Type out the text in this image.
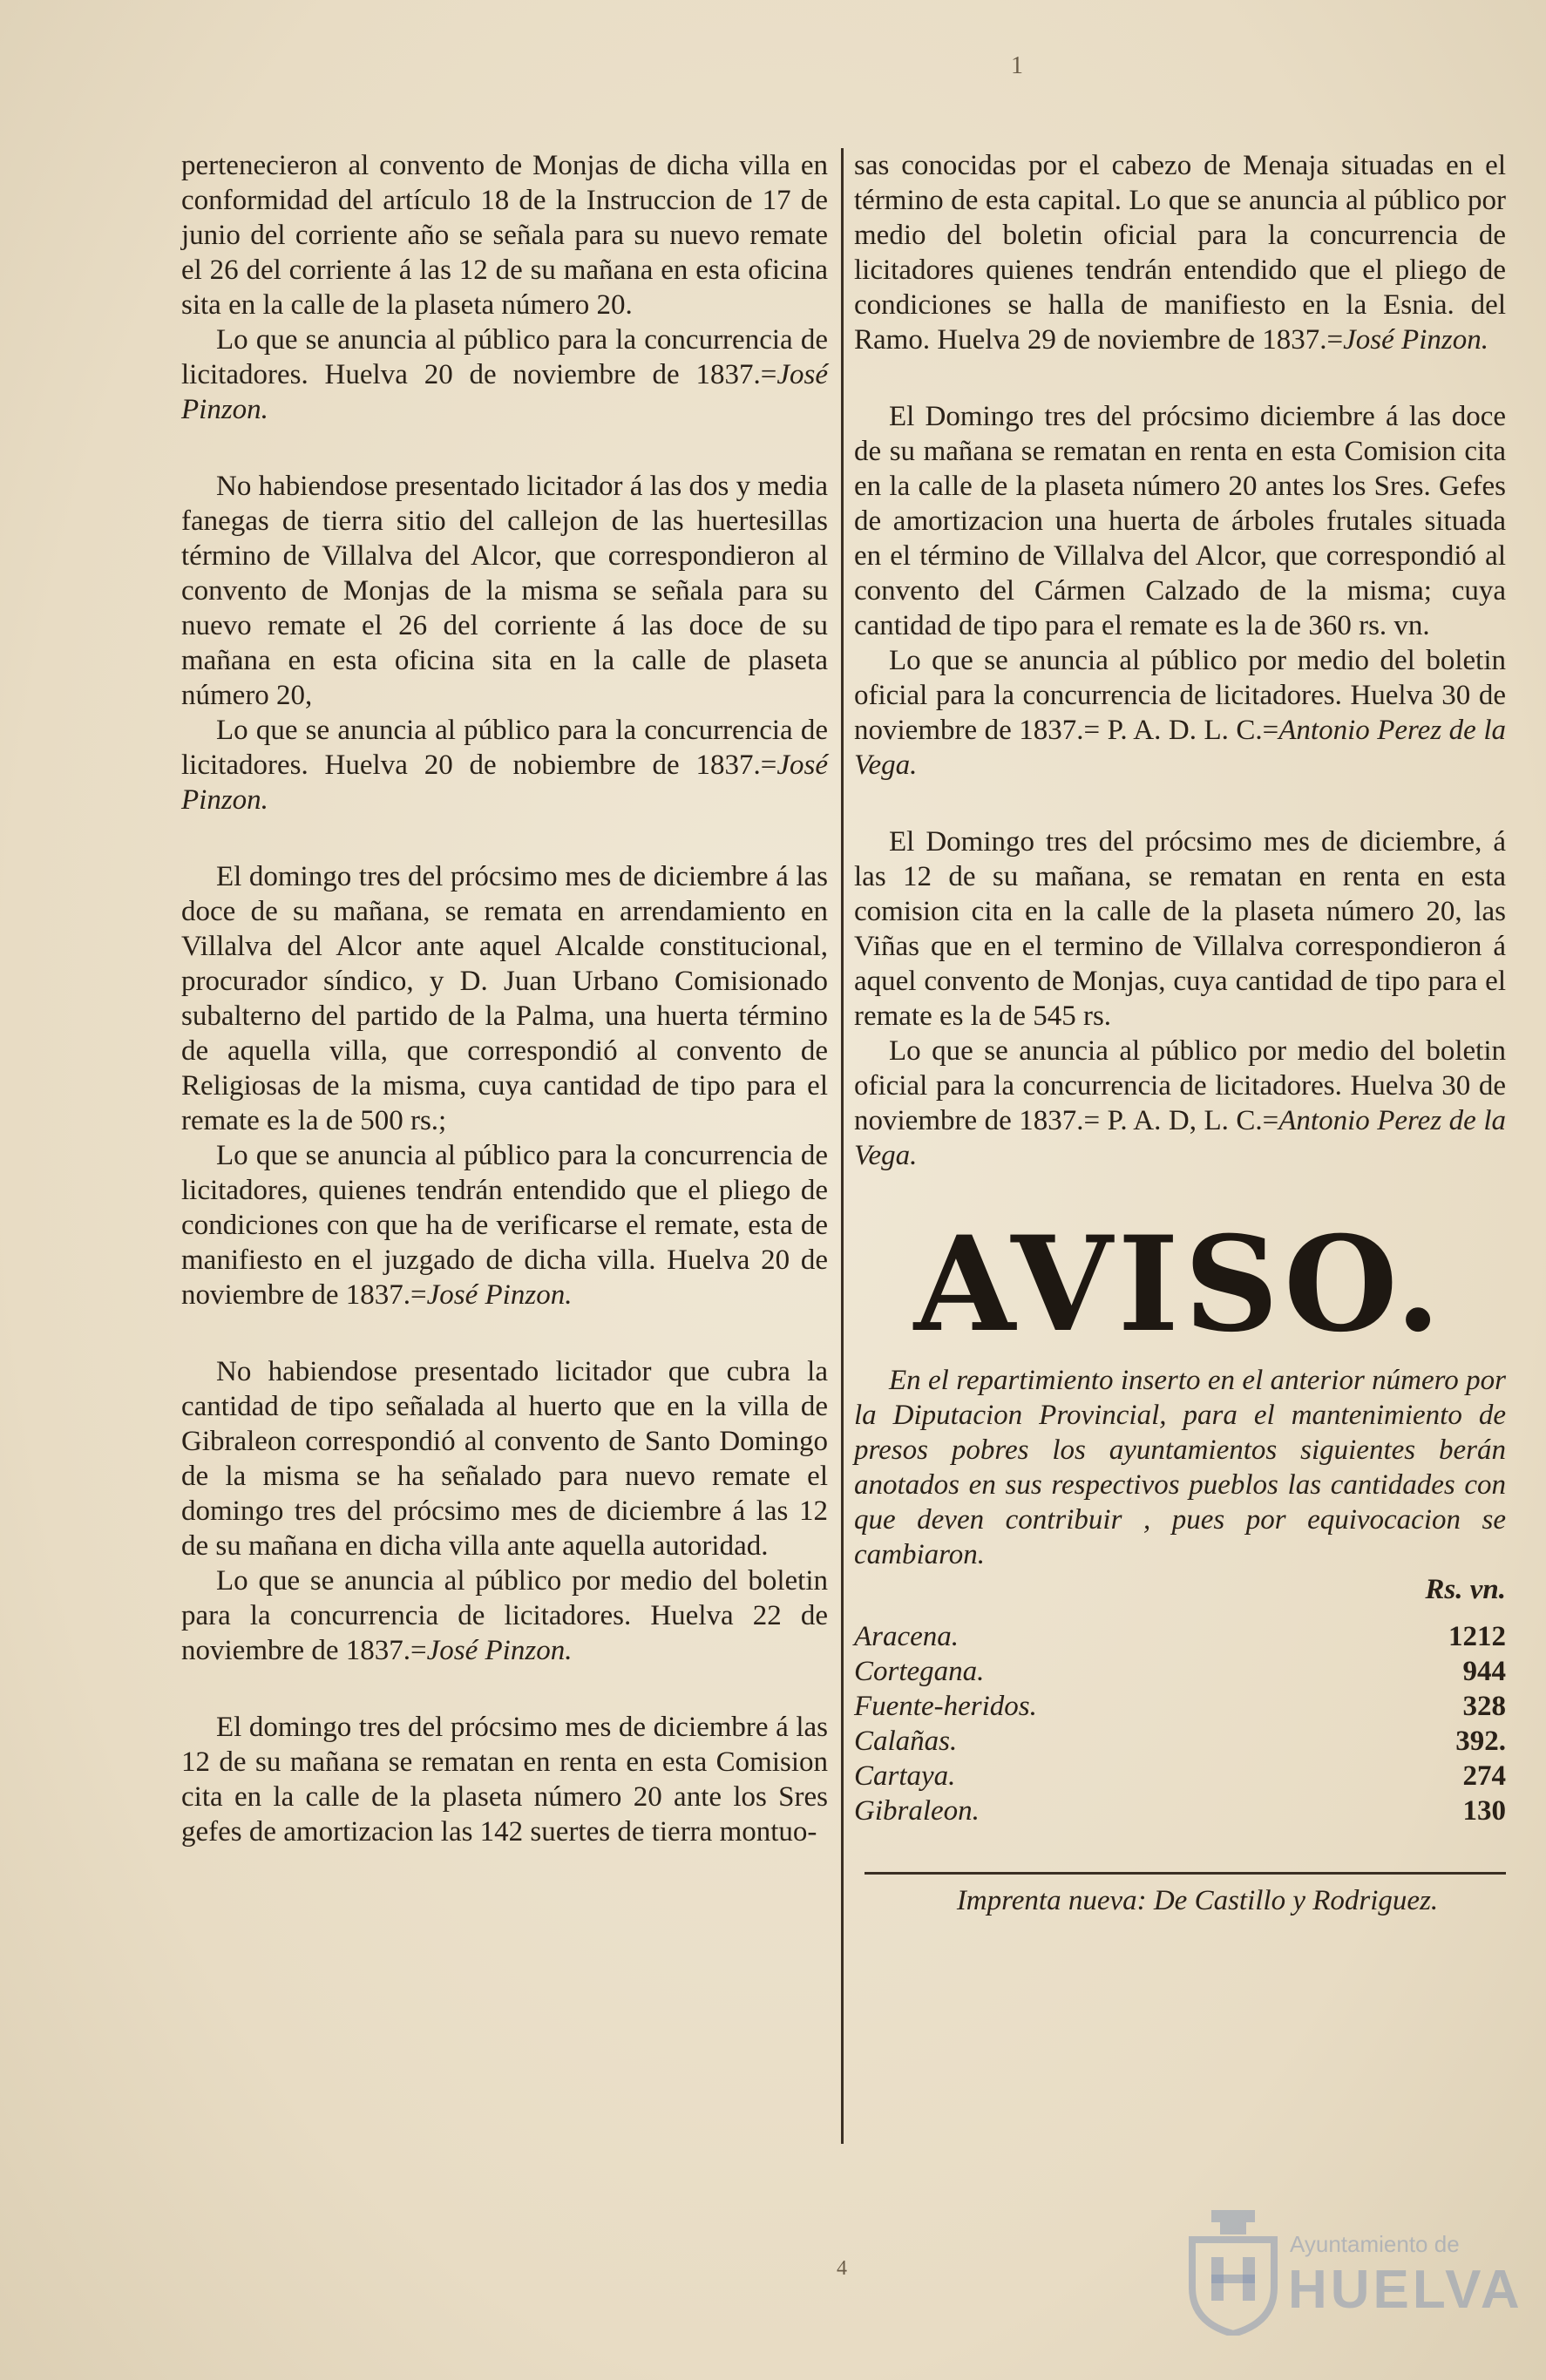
1

pertenecieron al convento de Monjas de dicha villa en conformidad del artículo 18 de la Instruccion de 17 de junio del corriente año se señala para su nuevo remate el 26 del corriente á las 12 de su mañana en esta oficina sita en la calle de la plaseta número 20.

Lo que se anuncia al público para la concurrencia de licitadores. Huelva 20 de noviembre de 1837.=José Pinzon.

No habiendose presentado licitador á las dos y media fanegas de tierra sitio del callejon de las huertesillas término de Villalva del Alcor, que correspondieron al convento de Monjas de la misma se señala para su nuevo remate el 26 del corriente á las doce de su mañana en esta oficina sita en la calle de plaseta número 20,

Lo que se anuncia al público para la concurrencia de licitadores. Huelva 20 de nobiembre de 1837.=José Pinzon.

El domingo tres del prócsimo mes de diciembre á las doce de su mañana, se remata en arrendamiento en Villalva del Alcor ante aquel Alcalde constitucional, procurador síndico, y D. Juan Urbano Comisionado subalterno del partido de la Palma, una huerta término de aquella villa, que correspondió al convento de Religiosas de la misma, cuya cantidad de tipo para el remate es la de 500 rs.;

Lo que se anuncia al público para la concurrencia de licitadores, quienes tendrán entendido que el pliego de condiciones con que ha de verificarse el remate, esta de manifiesto en el juzgado de dicha villa. Huelva 20 de noviembre de 1837.=José Pinzon.

No habiendose presentado licitador que cubra la cantidad de tipo señalada al huerto que en la villa de Gibraleon correspondió al convento de Santo Domingo de la misma se ha señalado para nuevo remate el domingo tres del prócsimo mes de diciembre á las 12 de su mañana en dicha villa ante aquella autoridad.

Lo que se anuncia al público por medio del boletin para la concurrencia de licitadores. Huelva 22 de noviembre de 1837.=José Pinzon.

El domingo tres del prócsimo mes de diciembre á las 12 de su mañana se rematan en renta en esta Comision cita en la calle de la plaseta número 20 ante los Sres gefes de amortizacion las 142 suertes de tierra montuo-

sas conocidas por el cabezo de Menaja situadas en el término de esta capital. Lo que se anuncia al público por medio del boletin oficial para la concurrencia de licitadores quienes tendrán entendido que el pliego de condiciones se halla de manifiesto en la Esnia. del Ramo. Huelva 29 de noviembre de 1837.=José Pinzon.

El Domingo tres del prócsimo diciembre á las doce de su mañana se rematan en renta en esta Comision cita en la calle de la plaseta número 20 antes los Sres. Gefes de amortizacion una huerta de árboles frutales situada en el término de Villalva del Alcor, que correspondió al convento del Cármen Calzado de la misma; cuya cantidad de tipo para el remate es la de 360 rs. vn.

Lo que se anuncia al público por medio del boletin oficial para la concurrencia de licitadores. Huelva 30 de noviembre de 1837.= P. A. D. L. C.=Antonio Perez de la Vega.

El Domingo tres del prócsimo mes de diciembre, á las 12 de su mañana, se rematan en renta en esta comision cita en la calle de la plaseta número 20, las Viñas que en el termino de Villalva correspondieron á aquel convento de Monjas, cuya cantidad de tipo para el remate es la de 545 rs.

Lo que se anuncia al público por medio del boletin oficial para la concurrencia de licitadores. Huelva 30 de noviembre de 1837.= P. A. D, L. C.=Antonio Perez de la Vega.

AVISO.

En el repartimiento inserto en el anterior número por la Diputacion Provincial, para el mantenimiento de presos pobres los ayuntamientos siguientes berán anotados en sus respectivos pueblos las cantidades con que deven contribuir , pues por equivocacion se cambiaron.

Rs. vn.
Aracena.	1212
Cortegana.	944
Fuente-heridos.	328
Calañas.	392.
Cartaya.	274
Gibraleon.	130

Imprenta nueva: De Castillo y Rodriguez.

4
Ayuntamiento de
HUELVA
